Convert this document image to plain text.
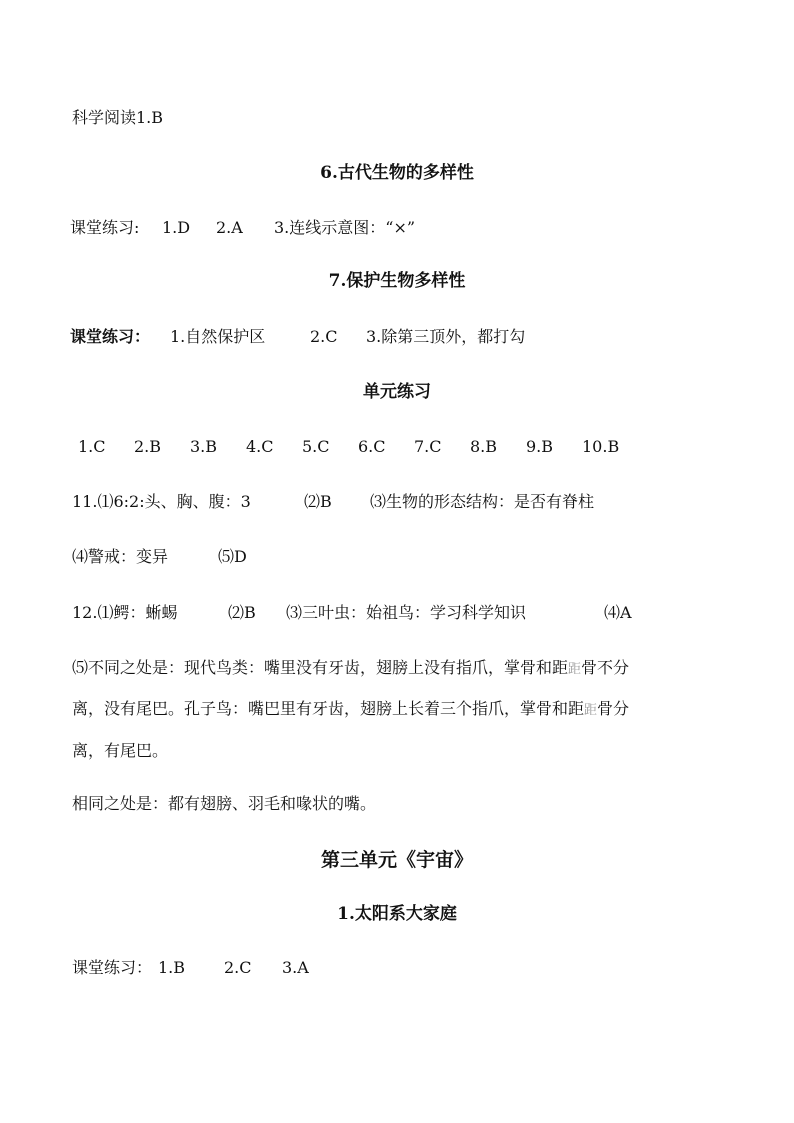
科学阅读1.B
6.古代生物的多样性
课堂练习: 1.D 2.A 3.连线示意图：“×”
7.保护生物多样性
课堂练习： 1.自然保护区	2.C 3.除第三顶外，都打勾
单元练习
1.C 2.B 3.B 4.C 5.C 6.C 7.C 8.B 9.B 10.B
11.⑴6:2:头、胸、腹：3	⑵B ⑶生物的形态结构：是否有脊柱
⑷警戒：变异	⑸D
12.⑴鳄：蜥蜴	⑵B ⑶三叶虫：始祖鸟：学习科学知识	⑷A
⑸不同之处是：现代鸟类：嘴里没有牙齿，翅膀上没有指爪，掌骨和距距骨不分
离，没有尾巴。孔子鸟：嘴巴里有牙齿，翅膀上长着三个指爪，掌骨和距距骨分
离，有尾巴。
相同之处是：都有翅膀、羽毛和喙状的嘴。
第三单元《宇宙》
1.太阳系大家庭
课堂练习： 1.B 2.C 3.A
